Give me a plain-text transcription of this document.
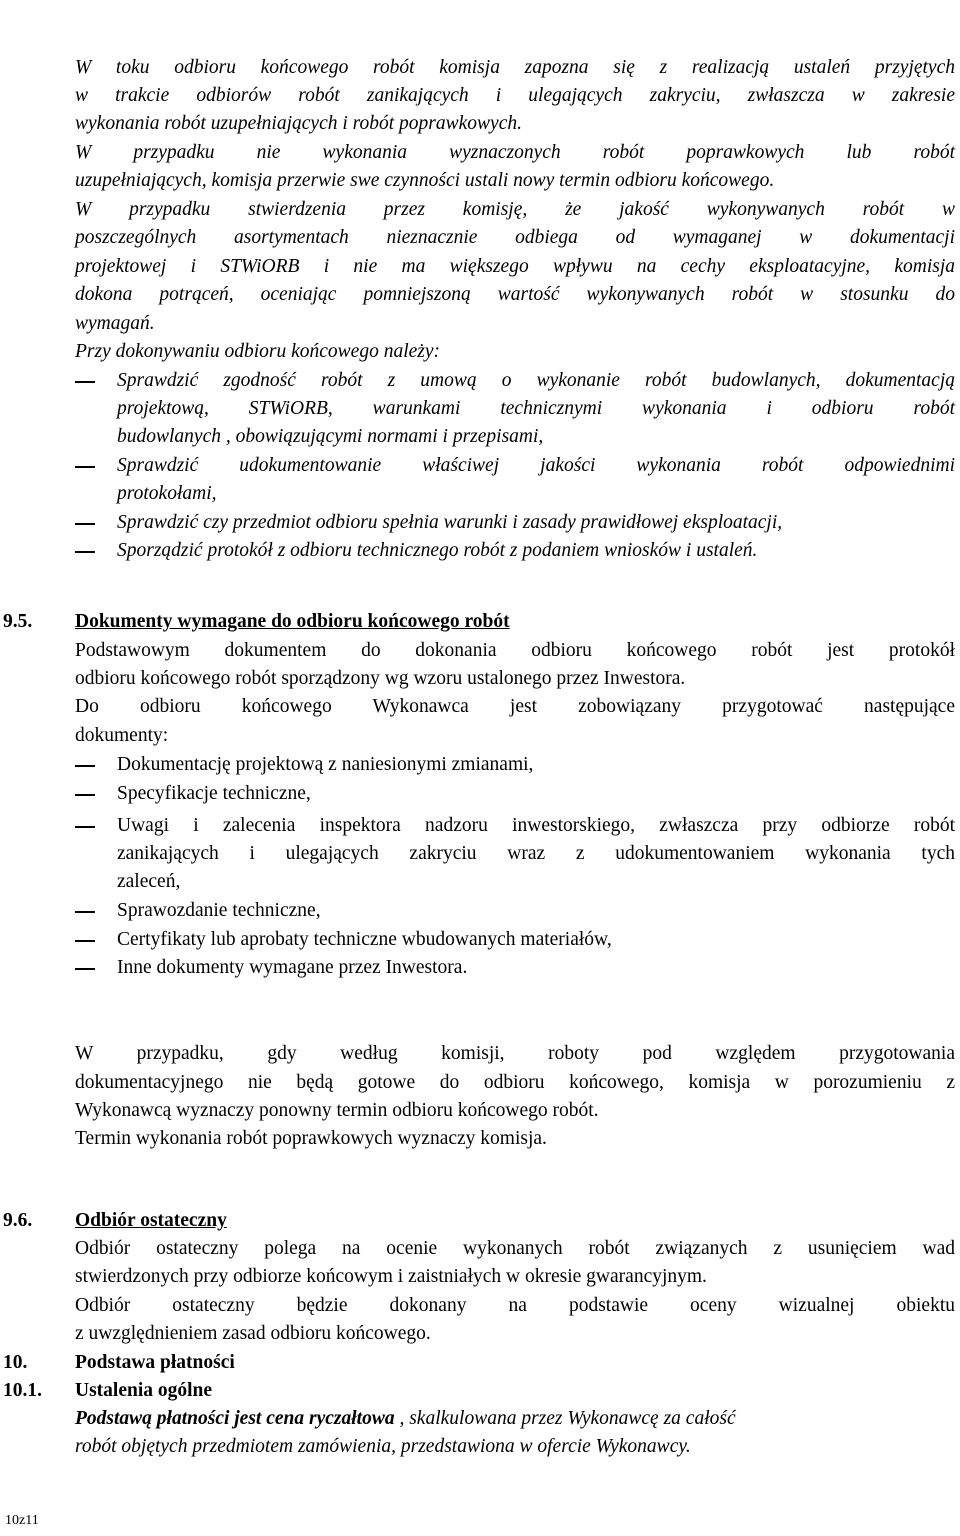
W toku odbioru końcowego robót komisja zapozna się z realizacją ustaleń przyjętych
w trakcie odbiorów robót zanikających i ulegających zakryciu, zwłaszcza w zakresie
wykonania robót uzupełniających i robót poprawkowych.
W przypadku nie wykonania wyznaczonych robót poprawkowych lub robót
uzupełniających, komisja przerwie swe czynności ustali nowy termin odbioru końcowego.
W przypadku stwierdzenia przez komisję, że jakość wykonywanych robót w
poszczególnych asortymentach nieznacznie odbiega od wymaganej w dokumentacji
projektowej i STWiORB i nie ma większego wpływu na cechy eksploatacyjne, komisja
dokona potrąceń, oceniając pomniejszoną wartość wykonywanych robót w stosunku do
wymagań.
Przy dokonywaniu odbioru końcowego należy:
Sprawdzić zgodność robót z umową o wykonanie robót budowlanych, dokumentacją
projektową, STWiORB, warunkami technicznymi wykonania i odbioru robót
budowlanych , obowiązującymi normami i przepisami,
Sprawdzić udokumentowanie właściwej jakości wykonania robót odpowiednimi
protokołami,
Sprawdzić czy przedmiot odbioru spełnia warunki i zasady prawidłowej eksploatacji,
Sporządzić protokół z odbioru technicznego robót z podaniem wniosków i ustaleń.
9.5. Dokumenty wymagane do odbioru końcowego robót
Podstawowym dokumentem do dokonania odbioru końcowego robót jest protokół
odbioru końcowego robót sporządzony wg wzoru ustalonego przez Inwestora.
Do odbioru końcowego Wykonawca jest zobowiązany przygotować następujące
dokumenty:
Dokumentację projektową z naniesionymi zmianami,
Specyfikacje techniczne,
Uwagi i zalecenia inspektora nadzoru inwestorskiego, zwłaszcza przy odbiorze robót
zanikających i ulegających zakryciu wraz z udokumentowaniem wykonania tych
zaleceń,
Sprawozdanie techniczne,
Certyfikaty lub aprobaty techniczne wbudowanych materiałów,
Inne dokumenty wymagane przez Inwestora.
W przypadku, gdy według komisji, roboty pod względem przygotowania
dokumentacyjnego nie będą gotowe do odbioru końcowego, komisja w porozumieniu z
Wykonawcą wyznaczy ponowny termin odbioru końcowego robót.
Termin wykonania robót poprawkowych wyznaczy komisja.
9.6. Odbiór ostateczny
Odbiór ostateczny polega na ocenie wykonanych robót związanych z usunięciem wad
stwierdzonych przy odbiorze końcowym i zaistniałych w okresie gwarancyjnym.
Odbiór ostateczny będzie dokonany na podstawie oceny wizualnej obiektu
z uwzględnieniem zasad odbioru końcowego.
10. Podstawa płatności
10.1. Ustalenia ogólne
Podstawą płatności jest cena ryczałtowa , skalkulowana przez Wykonawcę za całość
robót objętych przedmiotem zamówienia, przedstawiona w ofercie Wykonawcy.
10z11
